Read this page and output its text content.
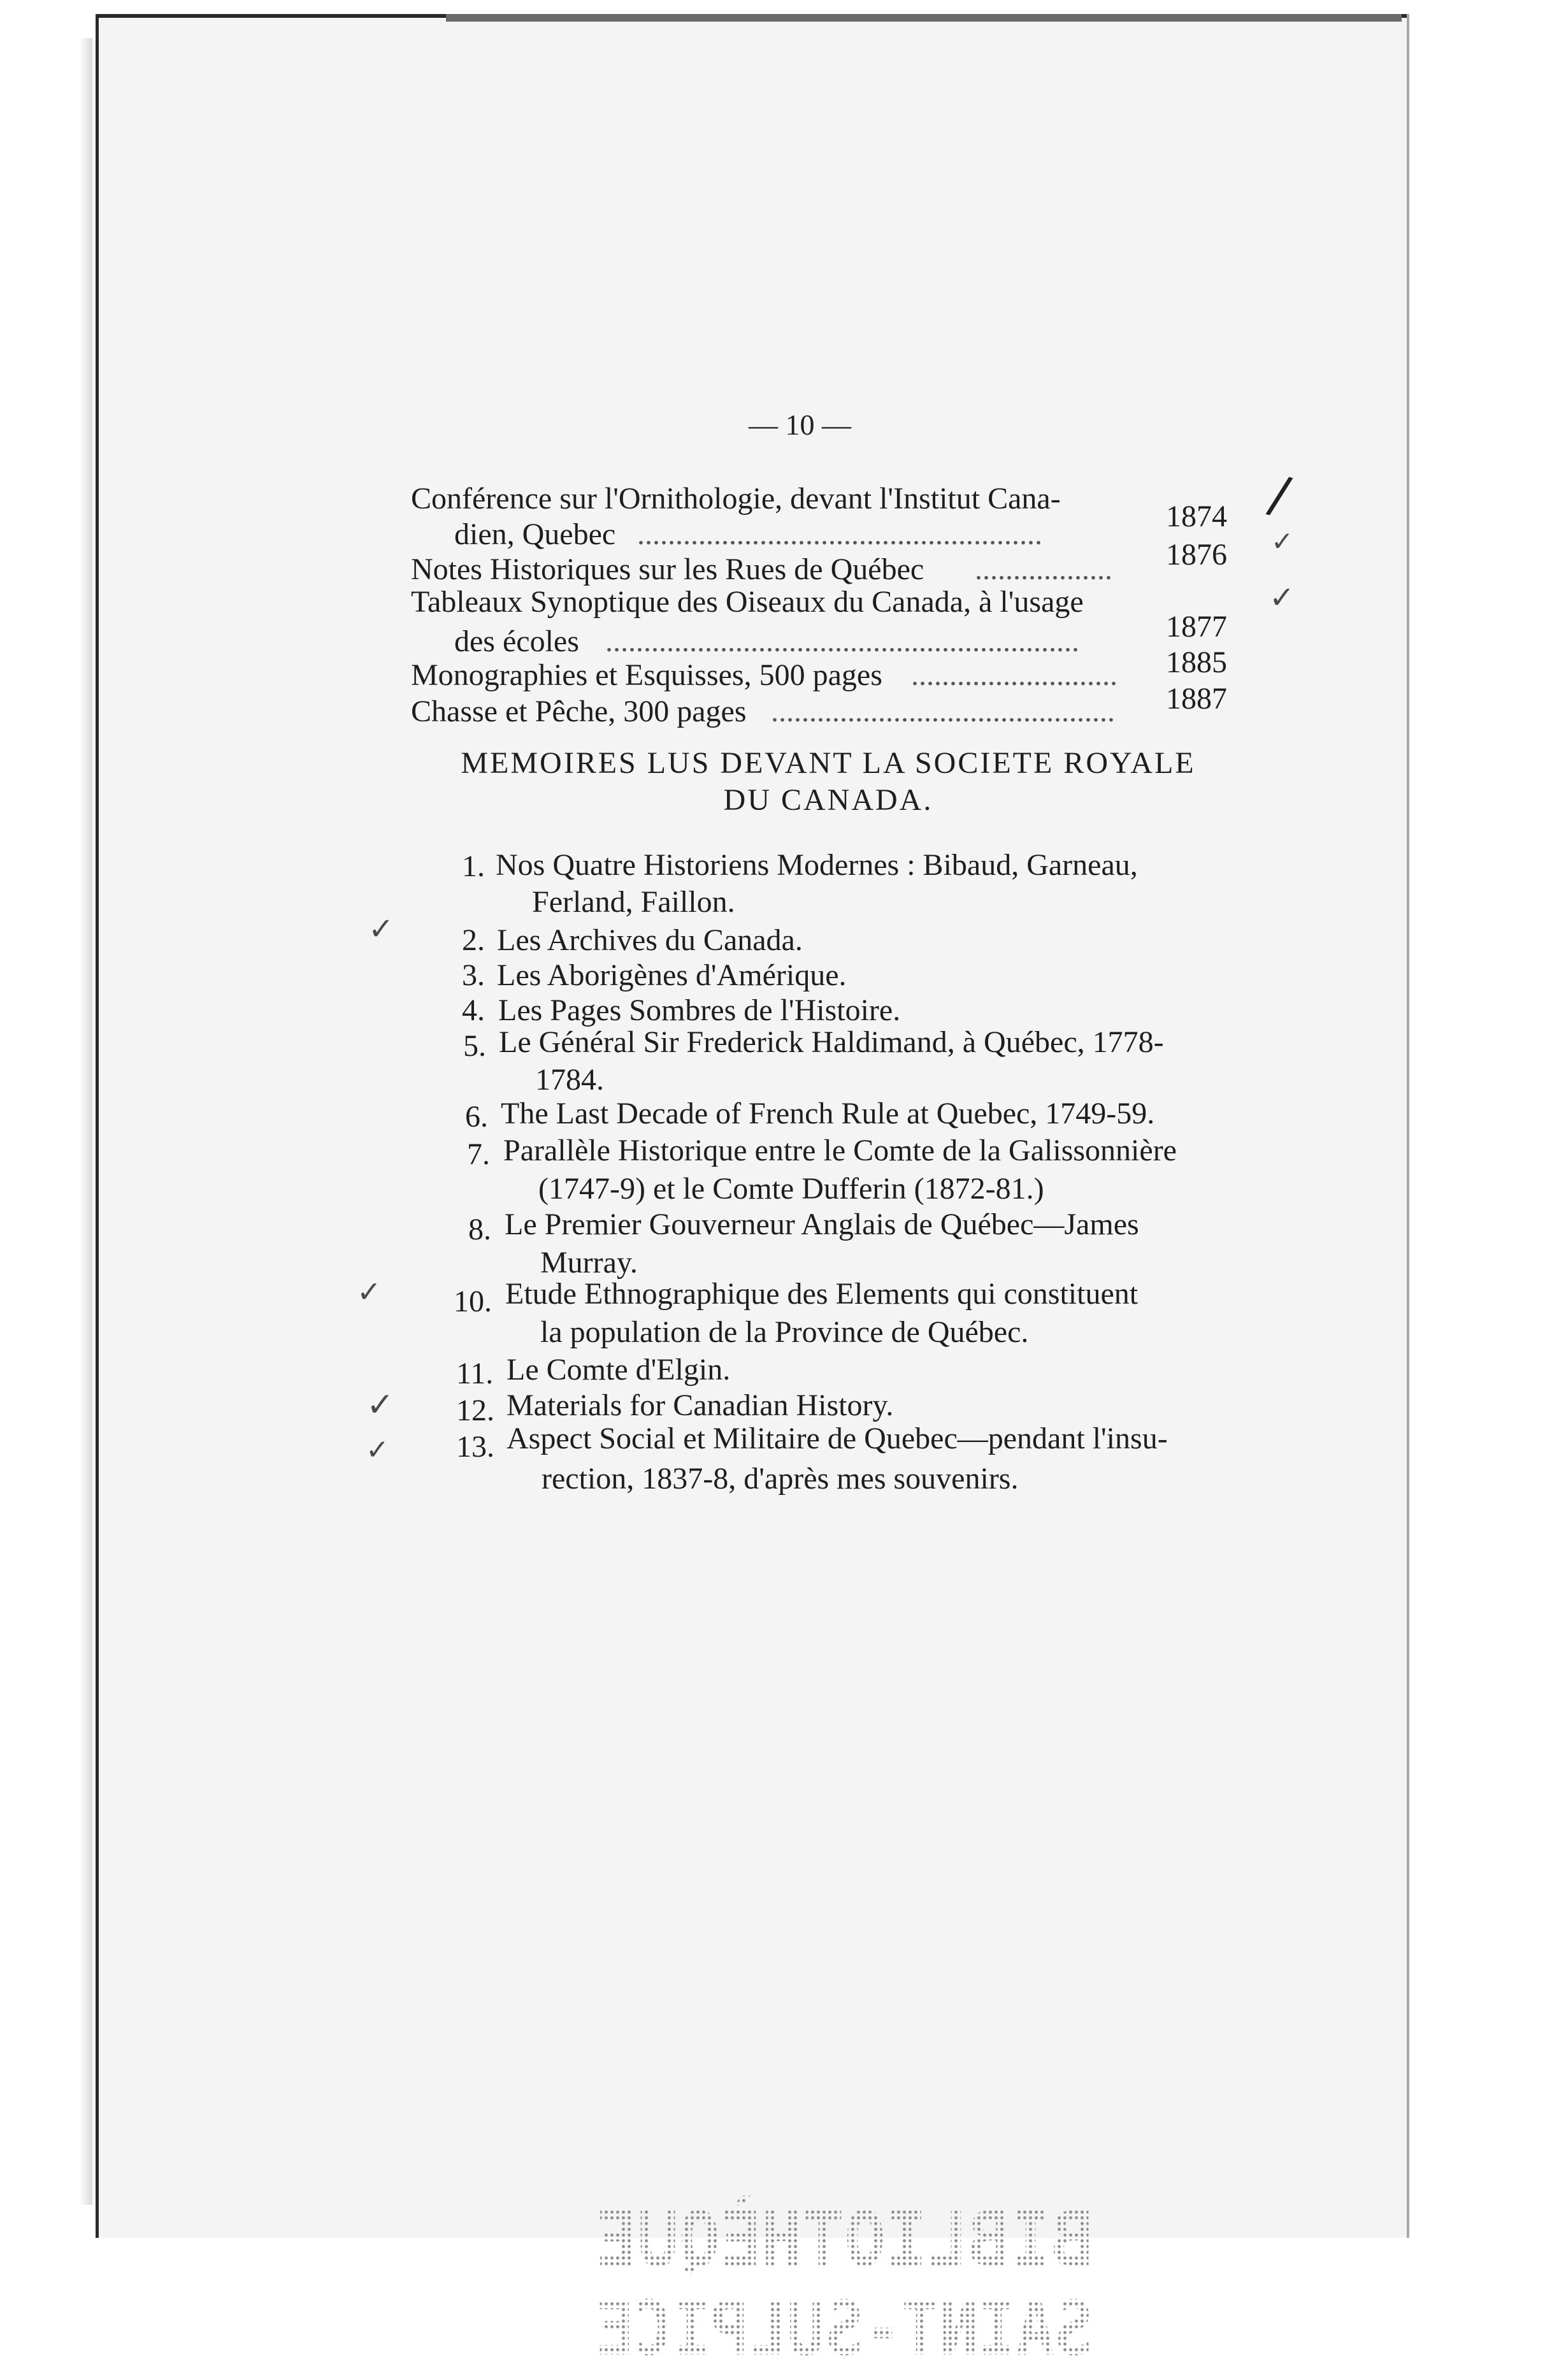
— 10 —
Conférence sur l'Ornithologie, devant l'Institut Cana-
dien, Quebec .....................................................
1874
Notes Historiques sur les Rues de Québec .................. 1876
Tableaux Synoptique des Oiseaux du Canada, à l'usage
des écoles ..............................................................	1877
Monographies et Esquisses, 500 pages ........................... 1885
Chasse et Pêche, 300 pages ............................................. 1887
MEMOIRES LUS DEVANT LA SOCIETE ROYALE
DU CANADA.
1. Nos Quatre Historiens Modernes : Bibaud, Garneau,
Ferland, Faillon.
2. Les Archives du Canada.
3. Les Aborigènes d'Amérique.
4. Les Pages Sombres de l'Histoire.
5. Le Général Sir Frederick Haldimand, à Québec, 1778-
1784.
6. The Last Decade of French Rule at Quebec, 1749-59.
7. Parallèle Historique entre le Comte de la Galissonnière
(1747-9) et le Comte Dufferin (1872-81.)
8. Le Premier Gouverneur Anglais de Québec—James
Murray.
10. Etude Ethnographique des Elements qui constituent
la population de la Province de Québec.
11. Le Comte d'Elgin.
12. Materials for Canadian History.
13. Aspect Social et Militaire de Quebec—pendant l'insu-
rection, 1837-8, d'après mes souvenirs.
/
✓
✓
✓
✓
✓
✓
BIBLIOTHÈQUE
SAINT-SULPICE
